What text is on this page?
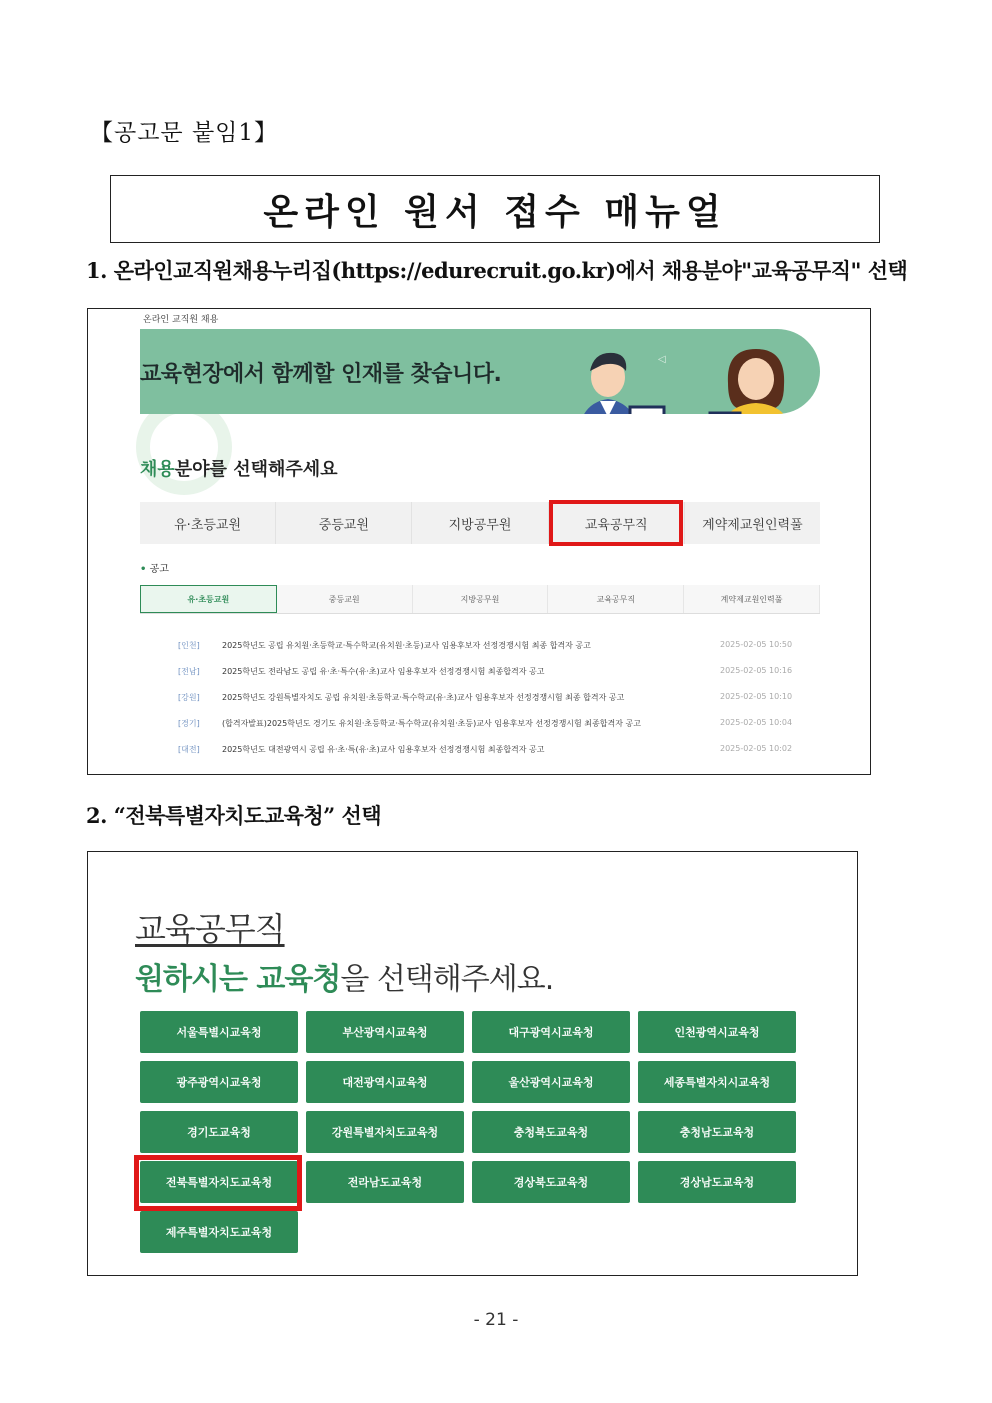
【공고문 붙임1】
온라인 원서 접수 매뉴얼
1. 온라인교직원채용누리집(https://edurecruit.go.kr)에서 채용분야"교육공무직" 선택
온라인 교직원 채용
교육현장에서 함께할 인재를 찾습니다.
◁
채용분야를 선택해주세요
유·초등교원	중등교원	지방공무원	교육공무직	계약제교원인력풀
• 공고
유·초등교원	중등교원	지방공무원	교육공무직	계약제교원인력풀
[인천]	2025학년도 공립 유치원·초등학교·특수학교(유치원·초등)교사 임용후보자 선정경쟁시험 최종 합격자 공고	2025-02-05 10:50
[전남]	2025학년도 전라남도 공립 유·초·특수(유·초)교사 임용후보자 선정경쟁시험 최종합격자 공고	2025-02-05 10:16
[강원]	2025학년도 강원특별자치도 공립 유치원·초등학교·특수학교(유·초)교사 임용후보자 선정경쟁시험 최종 합격자 공고	2025-02-05 10:10
[경기]	(합격자발표)2025학년도 경기도 유치원·초등학교·특수학교(유치원·초등)교사 임용후보자 선정경쟁시험 최종합격자 공고	2025-02-05 10:04
[대전]	2025학년도 대전광역시 공립 유·초·특(유·초)교사 임용후보자 선정경쟁시험 최종합격자 공고	2025-02-05 10:02
2. “전북특별자치도교육청” 선택
교육공무직
원하시는 교육청을 선택해주세요.
서울특별시교육청	부산광역시교육청	대구광역시교육청	인천광역시교육청
광주광역시교육청	대전광역시교육청	울산광역시교육청	세종특별자치시교육청
경기도교육청	강원특별자치도교육청	충청북도교육청	충청남도교육청
전북특별자치도교육청	전라남도교육청	경상북도교육청	경상남도교육청
제주특별자치도교육청
- 21 -
